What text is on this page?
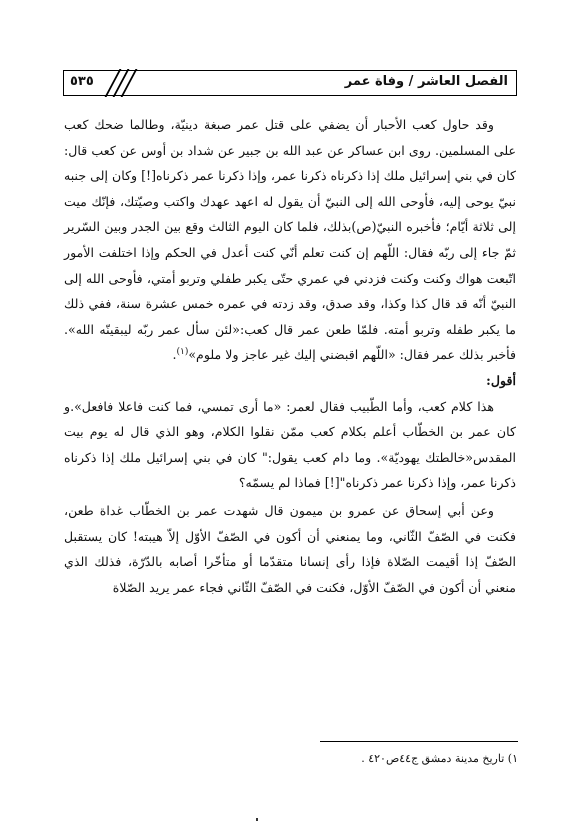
الفصل العاشر / وفاة عمر
٥٣٥

وقد حاول كعب الأحبار أن يضفي على قتل عمر صبغة دينيّة، وطالما ضحك كعب على المسلمين. روى ابن عساكر عن عبد الله بن جبير عن شداد بن أوس عن كعب قال: كان في بني إسرائيل ملك إذا ذكرناه ذكرنا عمر، وإذا ذكرنا عمر ذكرناه[!] وكان إلى جنبه نبيّ يوحى إليه، فأوحى الله إلى النبيّ أن يقول له اعهد عهدك واكتب وصيّتك، فإنّك ميت إلى ثلاثة أيّام؛ فأخبره النبيّ(ص)بذلك، فلما كان اليوم الثالث وقع بين الجدر وبين السّرير ثمّ جاء إلى ربّه فقال: اللّهم إن كنت تعلم أنّي كنت أعدل في الحكم وإذا اختلفت الأمور اتّبعت هواك وكنت وكنت فزدني في عمري حتّى يكبر طفلي وتربو أمتي، فأوحى الله إلى النبيّ أنّه قد قال كذا وكذا، وقد صدق، وقد زدته في عمره خمس عشرة سنة، ففي ذلك ما يكبر طفله وتربو أمته. فلمّا طعن عمر قال كعب:«لئن سأل عمر ربّه ليبقينّه الله». فأخبر بذلك عمر فقال: «اللّهم اقبضني إليك غير عاجز ولا ملوم»$^{(١)}$.

أقول:

هذا كلام كعب، وأما الطّبيب فقال لعمر: «ما أرى تمسي، فما كنت فاعلا فافعل».و كان عمر بن الخطّاب أعلم بكلام كعب ممّن نقلوا الكلام، وهو الذي قال له يوم بيت المقدس«خالطتك يهوديّة». وما دام كعب يقول:" كان في بني إسرائيل ملك إذا ذكرناه ذكرنا عمر، وإذا ذكرنا عمر ذكرناه"[!] فماذا لم يسمّه؟

وعن أبي إسحاق عن عمرو بن ميمون قال شهدت عمر بن الخطّاب غداة طعن، فكنت في الصّفّ الثّاني، وما يمنعني أن أكون في الصّفّ الأوّل إلاّ هيبته! كان يستقبل الصّفّ إذا أقيمت الصّلاة فإذا رأى إنسانا متقدّما أو متأخّرا أصابه بالدّرّة، فذلك الذي منعني أن أكون في الصّفّ الأوّل، فكنت في الصّفّ الثّاني فجاء عمر يريد الصّلاة

١) تاريخ مدينة دمشق ج٤٤ص٤٢٠ .
